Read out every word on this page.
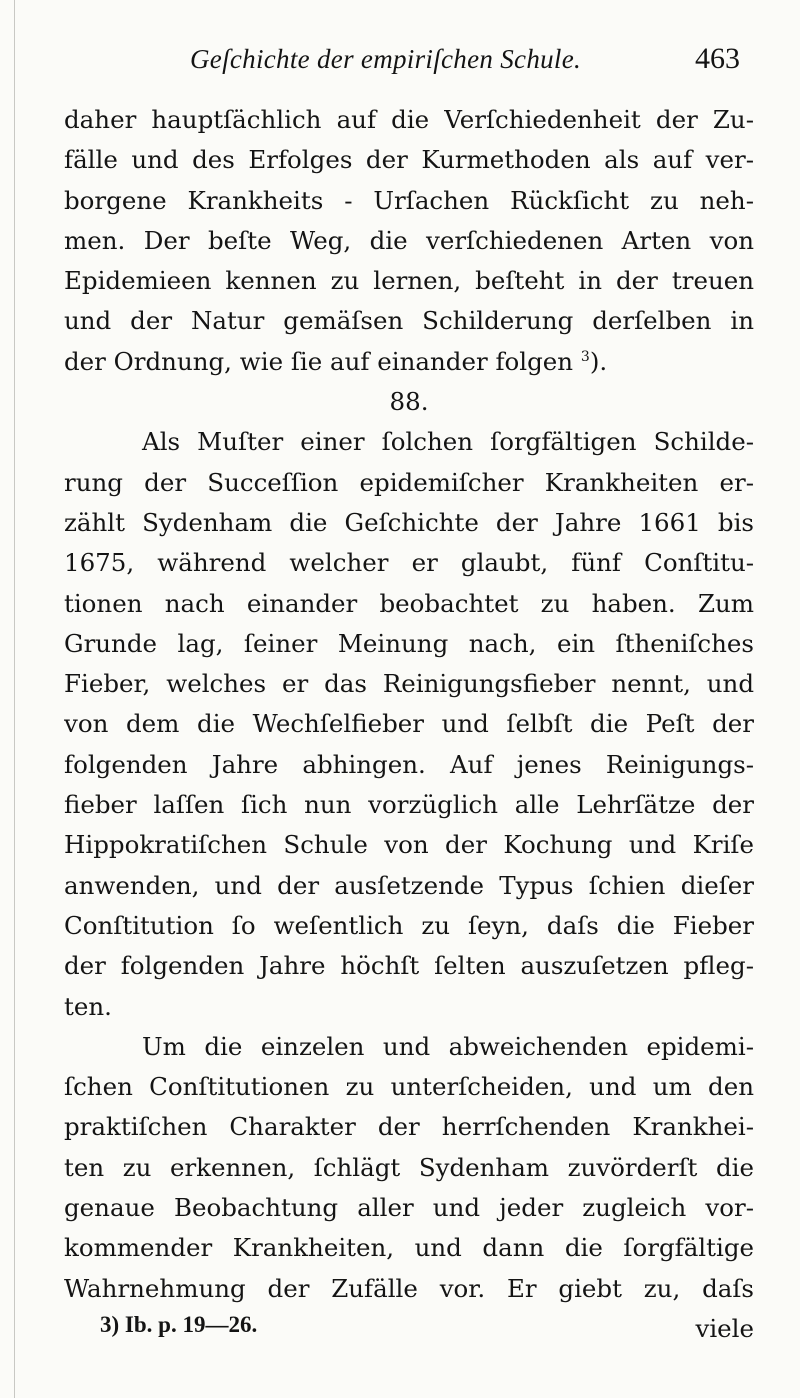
Geſchichte der empiriſchen Schule.	463
daher hauptſächlich auf die Verſchiedenheit der Zu-
fälle und des Erfolges der Kurmethoden als auf ver-
borgene Krankheits - Urſachen Rückſicht zu neh-
men. Der beſte Weg, die verſchiedenen Arten von
Epidemieen kennen zu lernen, beſteht in der treuen
und der Natur gemäſsen Schilderung derſelben in
der Ordnung, wie ſie auf einander folgen $^3$).
88.
Als Muſter einer ſolchen ſorgfältigen Schilde-
rung der Succeſſion epidemiſcher Krankheiten er-
zählt Sydenham die Geſchichte der Jahre 1661 bis
1675, während welcher er glaubt, fünf Conſtitu-
tionen nach einander beobachtet zu haben. Zum
Grunde lag, ſeiner Meinung nach, ein ſtheniſches
Fieber, welches er das Reinigungsfieber nennt, und
von dem die Wechſelfieber und ſelbſt die Peſt der
folgenden Jahre abhingen. Auf jenes Reinigungs-
fieber laſſen ſich nun vorzüglich alle Lehrſätze der
Hippokratiſchen Schule von der Kochung und Kriſe
anwenden, und der ausſetzende Typus ſchien dieſer
Conſtitution ſo weſentlich zu ſeyn, daſs die Fieber
der folgenden Jahre höchſt ſelten auszuſetzen pfleg-
ten.
Um die einzelen und abweichenden epidemi-
ſchen Conſtitutionen zu unterſcheiden, und um den
praktiſchen Charakter der herrſchenden Krankhei-
ten zu erkennen, ſchlägt Sydenham zuvörderſt die
genaue Beobachtung aller und jeder zugleich vor-
kommender Krankheiten, und dann die ſorgfältige
Wahrnehmung der Zufälle vor. Er giebt zu, daſs
viele
3) Ib. p. 19—26.
